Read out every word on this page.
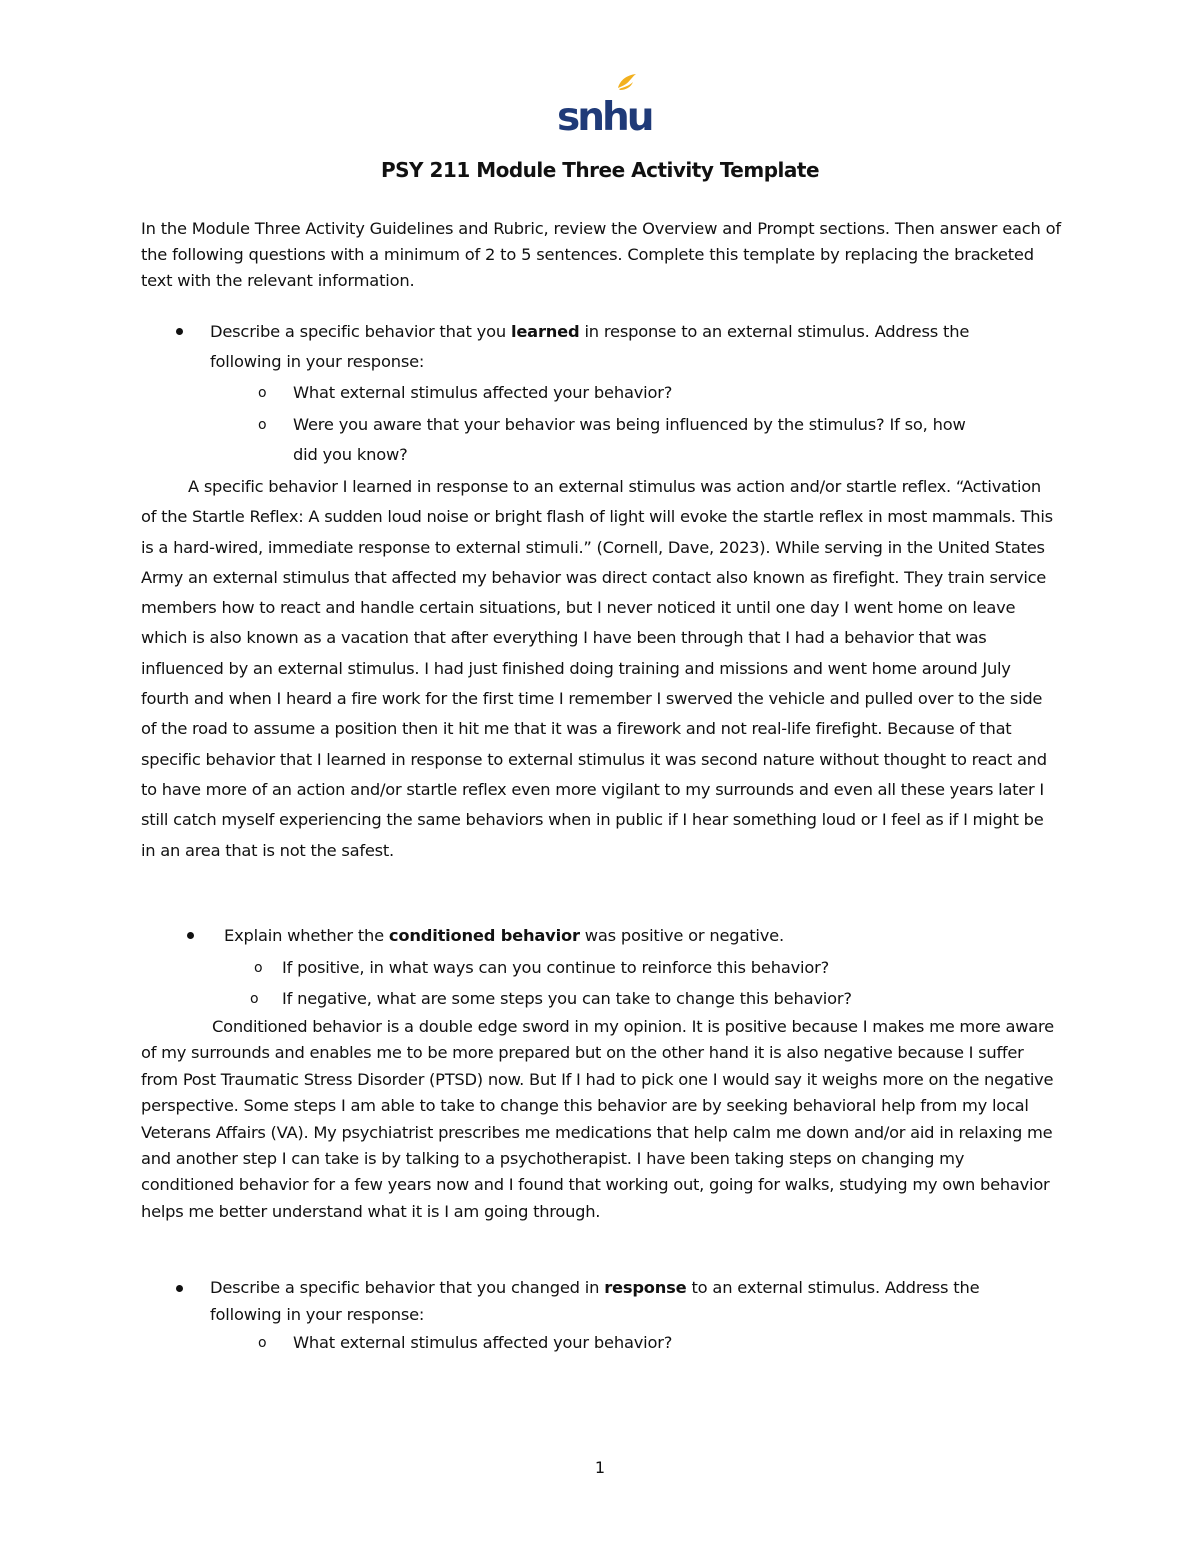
snhu
PSY 211 Module Three Activity Template
In the Module Three Activity Guidelines and Rubric, review the Overview and Prompt sections. Then answer each of the following questions with a minimum of 2 to 5 sentences. Complete this template by replacing the bracketed text with the relevant information.
Describe a specific behavior that you learned in response to an external stimulus. Address the
following in your response:
o What external stimulus affected your behavior?
o Were you aware that your behavior was being influenced by the stimulus? If so, how
did you know?
A specific behavior I learned in response to an external stimulus was action and/or startle reflex. “Activation of the Startle Reflex: A sudden loud noise or bright flash of light will evoke the startle reflex in most mammals. This is a hard-wired, immediate response to external stimuli.” (Cornell, Dave, 2023). While serving in the United States Army an external stimulus that affected my behavior was direct contact also known as firefight. They train service members how to react and handle certain situations, but I never noticed it until one day I went home on leave which is also known as a vacation that after everything I have been through that I had a behavior that was influenced by an external stimulus. I had just finished doing training and missions and went home around July fourth and when I heard a fire work for the first time I remember I swerved the vehicle and pulled over to the side of the road to assume a position then it hit me that it was a firework and not real-life firefight. Because of that specific behavior that I learned in response to external stimulus it was second nature without thought to react and to have more of an action and/or startle reflex even more vigilant to my surrounds and even all these years later I still catch myself experiencing the same behaviors when in public if I hear something loud or I feel as if I might be in an area that is not the safest.
Explain whether the conditioned behavior was positive or negative.
o If positive, in what ways can you continue to reinforce this behavior?
o If negative, what are some steps you can take to change this behavior?
Conditioned behavior is a double edge sword in my opinion. It is positive because I makes me more aware of my surrounds and enables me to be more prepared but on the other hand it is also negative because I suffer from Post Traumatic Stress Disorder (PTSD) now. But If I had to pick one I would say it weighs more on the negative perspective. Some steps I am able to take to change this behavior are by seeking behavioral help from my local Veterans Affairs (VA). My psychiatrist prescribes me medications that help calm me down and/or aid in relaxing me and another step I can take is by talking to a psychotherapist. I have been taking steps on changing my conditioned behavior for a few years now and I found that working out, going for walks, studying my own behavior helps me better understand what it is I am going through.
Describe a specific behavior that you changed in response to an external stimulus. Address the
following in your response:
o What external stimulus affected your behavior?
1
